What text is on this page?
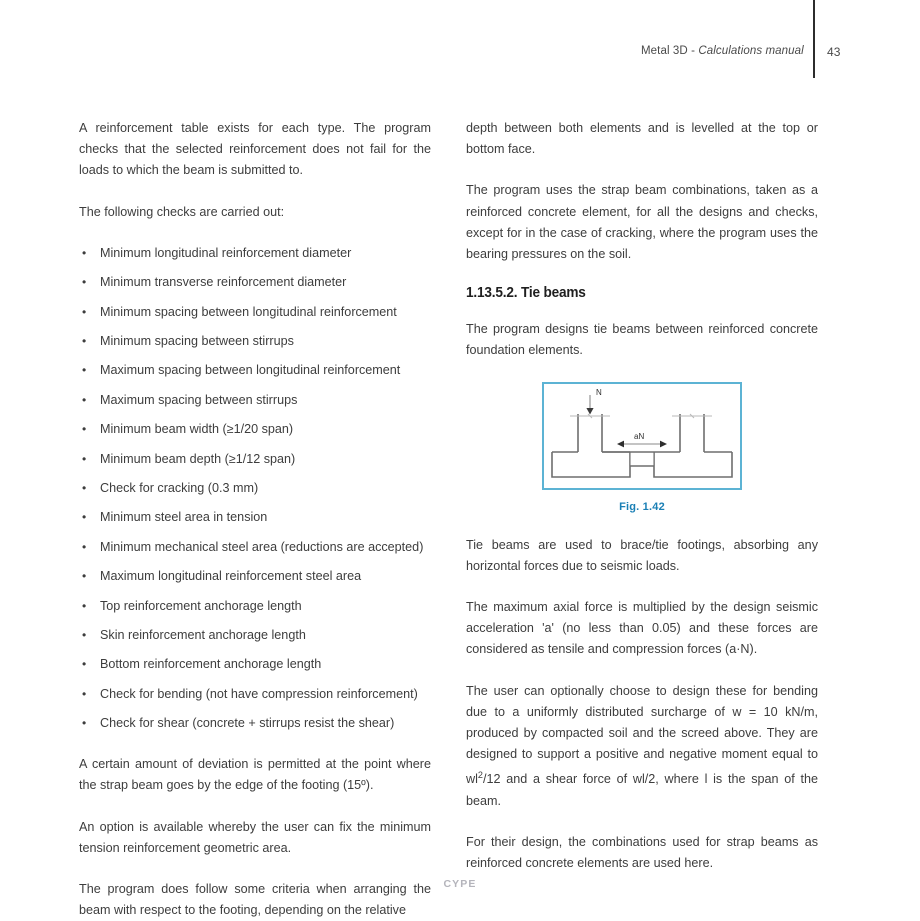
Metal 3D - Calculations manual 43

A reinforcement table exists for each type. The program checks that the selected reinforcement does not fail for the loads to which the beam is submitted to.

The following checks are carried out:

• Minimum longitudinal reinforcement diameter
• Minimum transverse reinforcement diameter
• Minimum spacing between longitudinal reinforcement
• Minimum spacing between stirrups
• Maximum spacing between longitudinal reinforcement
• Maximum spacing between stirrups
• Minimum beam width (≥1/20 span)
• Minimum beam depth (≥1/12 span)
• Check for cracking (0.3 mm)
• Minimum steel area in tension
• Minimum mechanical steel area (reductions are accepted)
• Maximum longitudinal reinforcement steel area
• Top reinforcement anchorage length
• Skin reinforcement anchorage length
• Bottom reinforcement anchorage length
• Check for bending (not have compression reinforcement)
• Check for shear (concrete + stirrups resist the shear)

A certain amount of deviation is permitted at the point where the strap beam goes by the edge of the footing (15º).

An option is available whereby the user can fix the minimum tension reinforcement geometric area.

The program does follow some criteria when arranging the beam with respect to the footing, depending on the relative

depth between both elements and is levelled at the top or bottom face.

The program uses the strap beam combinations, taken as a reinforced concrete element, for all the designs and checks, except for in the case of cracking, where the program uses the bearing pressures on the soil.

1.13.5.2. Tie beams

The program designs tie beams between reinforced concrete foundation elements.

N
aN
Fig. 1.42

Tie beams are used to brace/tie footings, absorbing any horizontal forces due to seismic loads.

The maximum axial force is multiplied by the design seismic acceleration 'a' (no less than 0.05) and these forces are considered as tensile and compression forces (a·N).

The user can optionally choose to design these for bending due to a uniformly distributed surcharge of w = 10 kN/m, produced by compacted soil and the screed above. They are designed to support a positive and negative moment equal to $wl^2/12$ and a shear force of wl/2, where l is the span of the beam.

For their design, the combinations used for strap beams as reinforced concrete elements are used here.

CYPE
